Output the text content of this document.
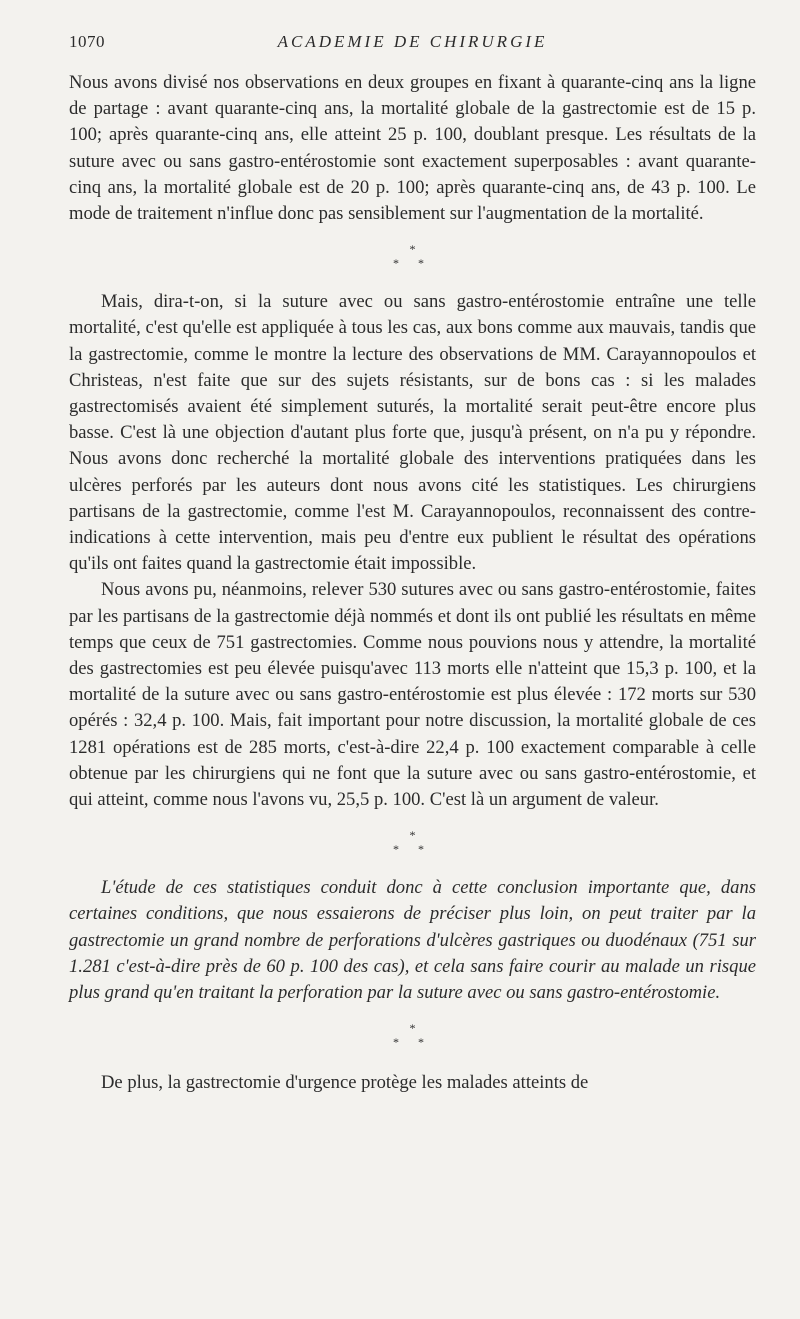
1070	ACADEMIE DE CHIRURGIE

Nous avons divisé nos observations en deux groupes en fixant à quarante-cinq ans la ligne de partage : avant quarante-cinq ans, la mortalité globale de la gastrectomie est de 15 p. 100; après quarante-cinq ans, elle atteint 25 p. 100, doublant presque. Les résultats de la suture avec ou sans gastro-entérostomie sont exactement superposables : avant quarante-cinq ans, la mortalité globale est de 20 p. 100; après quarante-cinq ans, de 43 p. 100. Le mode de traitement n'influe donc pas sensiblement sur l'augmentation de la mortalité.

*
* *

Mais, dira-t-on, si la suture avec ou sans gastro-entérostomie entraîne une telle mortalité, c'est qu'elle est appliquée à tous les cas, aux bons comme aux mauvais, tandis que la gastrectomie, comme le montre la lecture des observations de MM. Carayannopoulos et Christeas, n'est faite que sur des sujets résistants, sur de bons cas : si les malades gastrectomisés avaient été simplement suturés, la mortalité serait peut-être encore plus basse. C'est là une objection d'autant plus forte que, jusqu'à présent, on n'a pu y répondre. Nous avons donc recherché la mortalité globale des interventions pratiquées dans les ulcères perforés par les auteurs dont nous avons cité les statistiques. Les chirurgiens partisans de la gastrectomie, comme l'est M. Carayannopoulos, reconnaissent des contre-indications à cette intervention, mais peu d'entre eux publient le résultat des opérations qu'ils ont faites quand la gastrectomie était impossible.

Nous avons pu, néanmoins, relever 530 sutures avec ou sans gastro-entérostomie, faites par les partisans de la gastrectomie déjà nommés et dont ils ont publié les résultats en même temps que ceux de 751 gastrectomies. Comme nous pouvions nous y attendre, la mortalité des gastrectomies est peu élevée puisqu'avec 113 morts elle n'atteint que 15,3 p. 100, et la mortalité de la suture avec ou sans gastro-entérostomie est plus élevée : 172 morts sur 530 opérés : 32,4 p. 100. Mais, fait important pour notre discussion, la mortalité globale de ces 1281 opérations est de 285 morts, c'est-à-dire 22,4 p. 100 exactement comparable à celle obtenue par les chirurgiens qui ne font que la suture avec ou sans gastro-entérostomie, et qui atteint, comme nous l'avons vu, 25,5 p. 100. C'est là un argument de valeur.

*
* *

L'étude de ces statistiques conduit donc à cette conclusion importante que, dans certaines conditions, que nous essaierons de préciser plus loin, on peut traiter par la gastrectomie un grand nombre de perforations d'ulcères gastriques ou duodénaux (751 sur 1.281 c'est-à-dire près de 60 p. 100 des cas), et cela sans faire courir au malade un risque plus grand qu'en traitant la perforation par la suture avec ou sans gastro-entérostomie.

*
* *

De plus, la gastrectomie d'urgence protège les malades atteints de
